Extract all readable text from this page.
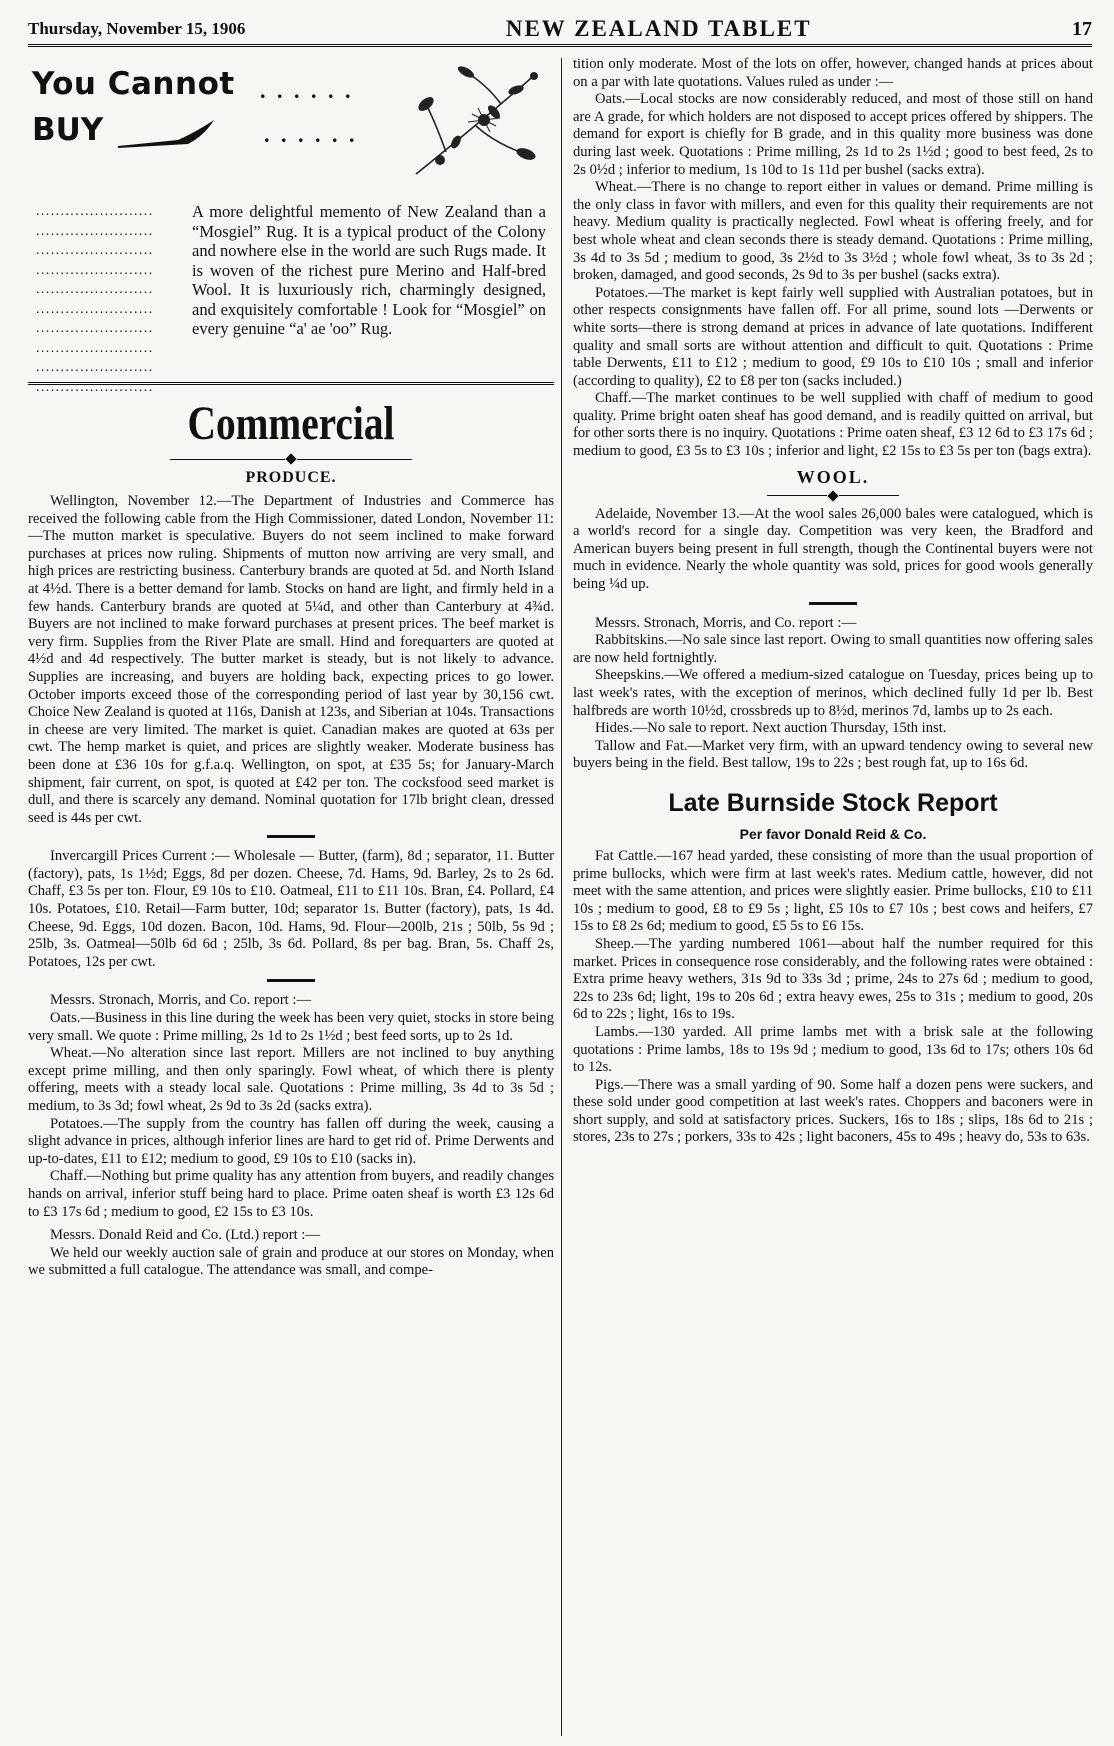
Thursday, November 15, 1906	NEW ZEALAND TABLET	17
You Cannot . . . . . .
BUY	. . . . . .
........................
........................
........................
........................
........................
........................
........................
........................
........................
........................
A more delightful memento of New Zealand than a “Mosgiel” Rug. It is a typical product of the Colony and nowhere else in the world are such Rugs made. It is woven of the richest pure Merino and Half-bred Wool. It is luxuriously rich, charmingly designed, and exquisitely comfortable ! Look for “Mosgiel” on every genuine “a' ae 'oo” Rug.
Commercial
PRODUCE.

Wellington, November 12.—The Department of Industries and Commerce has received the following cable from the High Commissioner, dated London, November 11:—The mutton market is speculative. Buyers do not seem inclined to make forward purchases at prices now ruling. Shipments of mutton now arriving are very small, and high prices are restricting business. Canterbury brands are quoted at 5d. and North Island at 4½d. There is a better demand for lamb. Stocks on hand are light, and firmly held in a few hands. Canterbury brands are quoted at 5¼d, and other than Canterbury at 4¾d. Buyers are not inclined to make forward purchases at present prices. The beef market is very firm. Supplies from the River Plate are small. Hind and forequarters are quoted at 4½d and 4d respectively. The butter market is steady, but is not likely to advance. Supplies are increasing, and buyers are holding back, expecting prices to go lower. October imports exceed those of the corresponding period of last year by 30,156 cwt. Choice New Zealand is quoted at 116s, Danish at 123s, and Siberian at 104s. Transactions in cheese are very limited. The market is quiet. Canadian makes are quoted at 63s per cwt. The hemp market is quiet, and prices are slightly weaker. Moderate business has been done at £36 10s for g.f.a.q. Wellington, on spot, at £35 5s; for January-March shipment, fair current, on spot, is quoted at £42 per ton. The cocksfood seed market is dull, and there is scarcely any demand. Nominal quotation for 17lb bright clean, dressed seed is 44s per cwt.

Invercargill Prices Current :— Wholesale — Butter, (farm), 8d ; separator, 11. Butter (factory), pats, 1s 1½d; Eggs, 8d per dozen. Cheese, 7d. Hams, 9d. Barley, 2s to 2s 6d. Chaff, £3 5s per ton. Flour, £9 10s to £10. Oatmeal, £11 to £11 10s. Bran, £4. Pollard, £4 10s. Potatoes, £10. Retail—Farm butter, 10d; separator 1s. Butter (factory), pats, 1s 4d. Cheese, 9d. Eggs, 10d dozen. Bacon, 10d. Hams, 9d. Flour—200lb, 21s ; 50lb, 5s 9d ; 25lb, 3s. Oatmeal—50lb 6d 6d ; 25lb, 3s 6d. Pollard, 8s per bag. Bran, 5s. Chaff 2s, Potatoes, 12s per cwt.

Messrs. Stronach, Morris, and Co. report :—

Oats.—Business in this line during the week has been very quiet, stocks in store being very small. We quote : Prime milling, 2s 1d to 2s 1½d ; best feed sorts, up to 2s 1d.

Wheat.—No alteration since last report. Millers are not inclined to buy anything except prime milling, and then only sparingly. Fowl wheat, of which there is plenty offering, meets with a steady local sale. Quotations : Prime milling, 3s 4d to 3s 5d ; medium, to 3s 3d; fowl wheat, 2s 9d to 3s 2d (sacks extra).

Potatoes.—The supply from the country has fallen off during the week, causing a slight advance in prices, although inferior lines are hard to get rid of. Prime Derwents and up-to-dates, £11 to £12; medium to good, £9 10s to £10 (sacks in).

Chaff.—Nothing but prime quality has any attention from buyers, and readily changes hands on arrival, inferior stuff being hard to place. Prime oaten sheaf is worth £3 12s 6d to £3 17s 6d ; medium to good, £2 15s to £3 10s.

Messrs. Donald Reid and Co. (Ltd.) report :—

We held our weekly auction sale of grain and produce at our stores on Monday, when we submitted a full catalogue. The attendance was small, and compe-

tition only moderate. Most of the lots on offer, however, changed hands at prices about on a par with late quotations. Values ruled as under :—

Oats.—Local stocks are now considerably reduced, and most of those still on hand are A grade, for which holders are not disposed to accept prices offered by shippers. The demand for export is chiefly for B grade, and in this quality more business was done during last week. Quotations : Prime milling, 2s 1d to 2s 1½d ; good to best feed, 2s to 2s 0½d ; inferior to medium, 1s 10d to 1s 11d per bushel (sacks extra).

Wheat.—There is no change to report either in values or demand. Prime milling is the only class in favor with millers, and even for this quality their requirements are not heavy. Medium quality is practically neglected. Fowl wheat is offering freely, and for best whole wheat and clean seconds there is steady demand. Quotations : Prime milling, 3s 4d to 3s 5d ; medium to good, 3s 2½d to 3s 3½d ; whole fowl wheat, 3s to 3s 2d ; broken, damaged, and good seconds, 2s 9d to 3s per bushel (sacks extra).

Potatoes.—The market is kept fairly well supplied with Australian potatoes, but in other respects consignments have fallen off. For all prime, sound lots —Derwents or white sorts—there is strong demand at prices in advance of late quotations. Indifferent quality and small sorts are without attention and difficult to quit. Quotations : Prime table Derwents, £11 to £12 ; medium to good, £9 10s to £10 10s ; small and inferior (according to quality), £2 to £8 per ton (sacks included.)

Chaff.—The market continues to be well supplied with chaff of medium to good quality. Prime bright oaten sheaf has good demand, and is readily quitted on arrival, but for other sorts there is no inquiry. Quotations : Prime oaten sheaf, £3 12 6d to £3 17s 6d ; medium to good, £3 5s to £3 10s ; inferior and light, £2 15s to £3 5s per ton (bags extra).

WOOL.

Adelaide, November 13.—At the wool sales 26,000 bales were catalogued, which is a world's record for a single day. Competition was very keen, the Bradford and American buyers being present in full strength, though the Continental buyers were not much in evidence. Nearly the whole quantity was sold, prices for good wools generally being ¼d up.

Messrs. Stronach, Morris, and Co. report :—

Rabbitskins.—No sale since last report. Owing to small quantities now offering sales are now held fortnightly.

Sheepskins.—We offered a medium-sized catalogue on Tuesday, prices being up to last week's rates, with the exception of merinos, which declined fully 1d per lb. Best halfbreds are worth 10½d, crossbreds up to 8½d, merinos 7d, lambs up to 2s each.

Hides.—No sale to report. Next auction Thursday, 15th inst.

Tallow and Fat.—Market very firm, with an upward tendency owing to several new buyers being in the field. Best tallow, 19s to 22s ; best rough fat, up to 16s 6d.

Late Burnside Stock Report
Per favor Donald Reid & Co.

Fat Cattle.—167 head yarded, these consisting of more than the usual proportion of prime bullocks, which were firm at last week's rates. Medium cattle, however, did not meet with the same attention, and prices were slightly easier. Prime bullocks, £10 to £11 10s ; medium to good, £8 to £9 5s ; light, £5 10s to £7 10s ; best cows and heifers, £7 15s to £8 2s 6d; medium to good, £5 5s to £6 15s.

Sheep.—The yarding numbered 1061—about half the number required for this market. Prices in consequence rose considerably, and the following rates were obtained : Extra prime heavy wethers, 31s 9d to 33s 3d ; prime, 24s to 27s 6d ; medium to good, 22s to 23s 6d; light, 19s to 20s 6d ; extra heavy ewes, 25s to 31s ; medium to good, 20s 6d to 22s ; light, 16s to 19s.

Lambs.—130 yarded. All prime lambs met with a brisk sale at the following quotations : Prime lambs, 18s to 19s 9d ; medium to good, 13s 6d to 17s; others 10s 6d to 12s.

Pigs.—There was a small yarding of 90. Some half a dozen pens were suckers, and these sold under good competition at last week's rates. Choppers and baconers were in short supply, and sold at satisfactory prices. Suckers, 16s to 18s ; slips, 18s 6d to 21s ; stores, 23s to 27s ; porkers, 33s to 42s ; light baconers, 45s to 49s ; heavy do, 53s to 63s.
